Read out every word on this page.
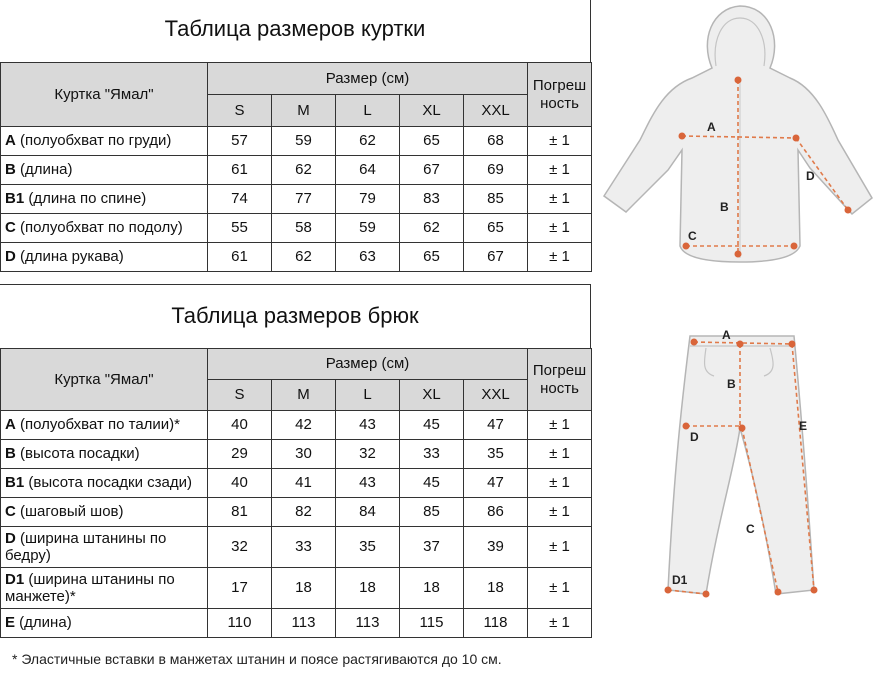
Таблица размеров куртки
Куртка "Ямал"	Размер (см)					Погреш
ность
	S	M	L	XL	XXL	
A (полуобхват по груди)	57	59	62	65	68	± 1
B (длина)	61	62	64	67	69	± 1
B1 (длина по спине)	74	77	79	83	85	± 1
C (полуобхват по подолу)	55	58	59	62	65	± 1
D (длина рукава)	61	62	63	65	67	± 1
Таблица размеров брюк
Куртка "Ямал"	Размер (см)					Погреш
ность
	S	M	L	XL	XXL	
A (полуобхват по талии)*	40	42	43	45	47	± 1
B (высота посадки)	29	30	32	33	35	± 1
B1 (высота посадки сзади)	40	41	43	45	47	± 1
C (шаговый шов)	81	82	84	85	86	± 1
D (ширина штанины по бедру)	32	33	35	37	39	± 1
D1 (ширина штанины по манжете)*	17	18	18	18	18	± 1
E (длина)	110	113	113	115	118	± 1
* Эластичные вставки в манжетах штанин и поясе растягиваются до 10 см.
A
B
C
D
A
B
D
E
C
D1
